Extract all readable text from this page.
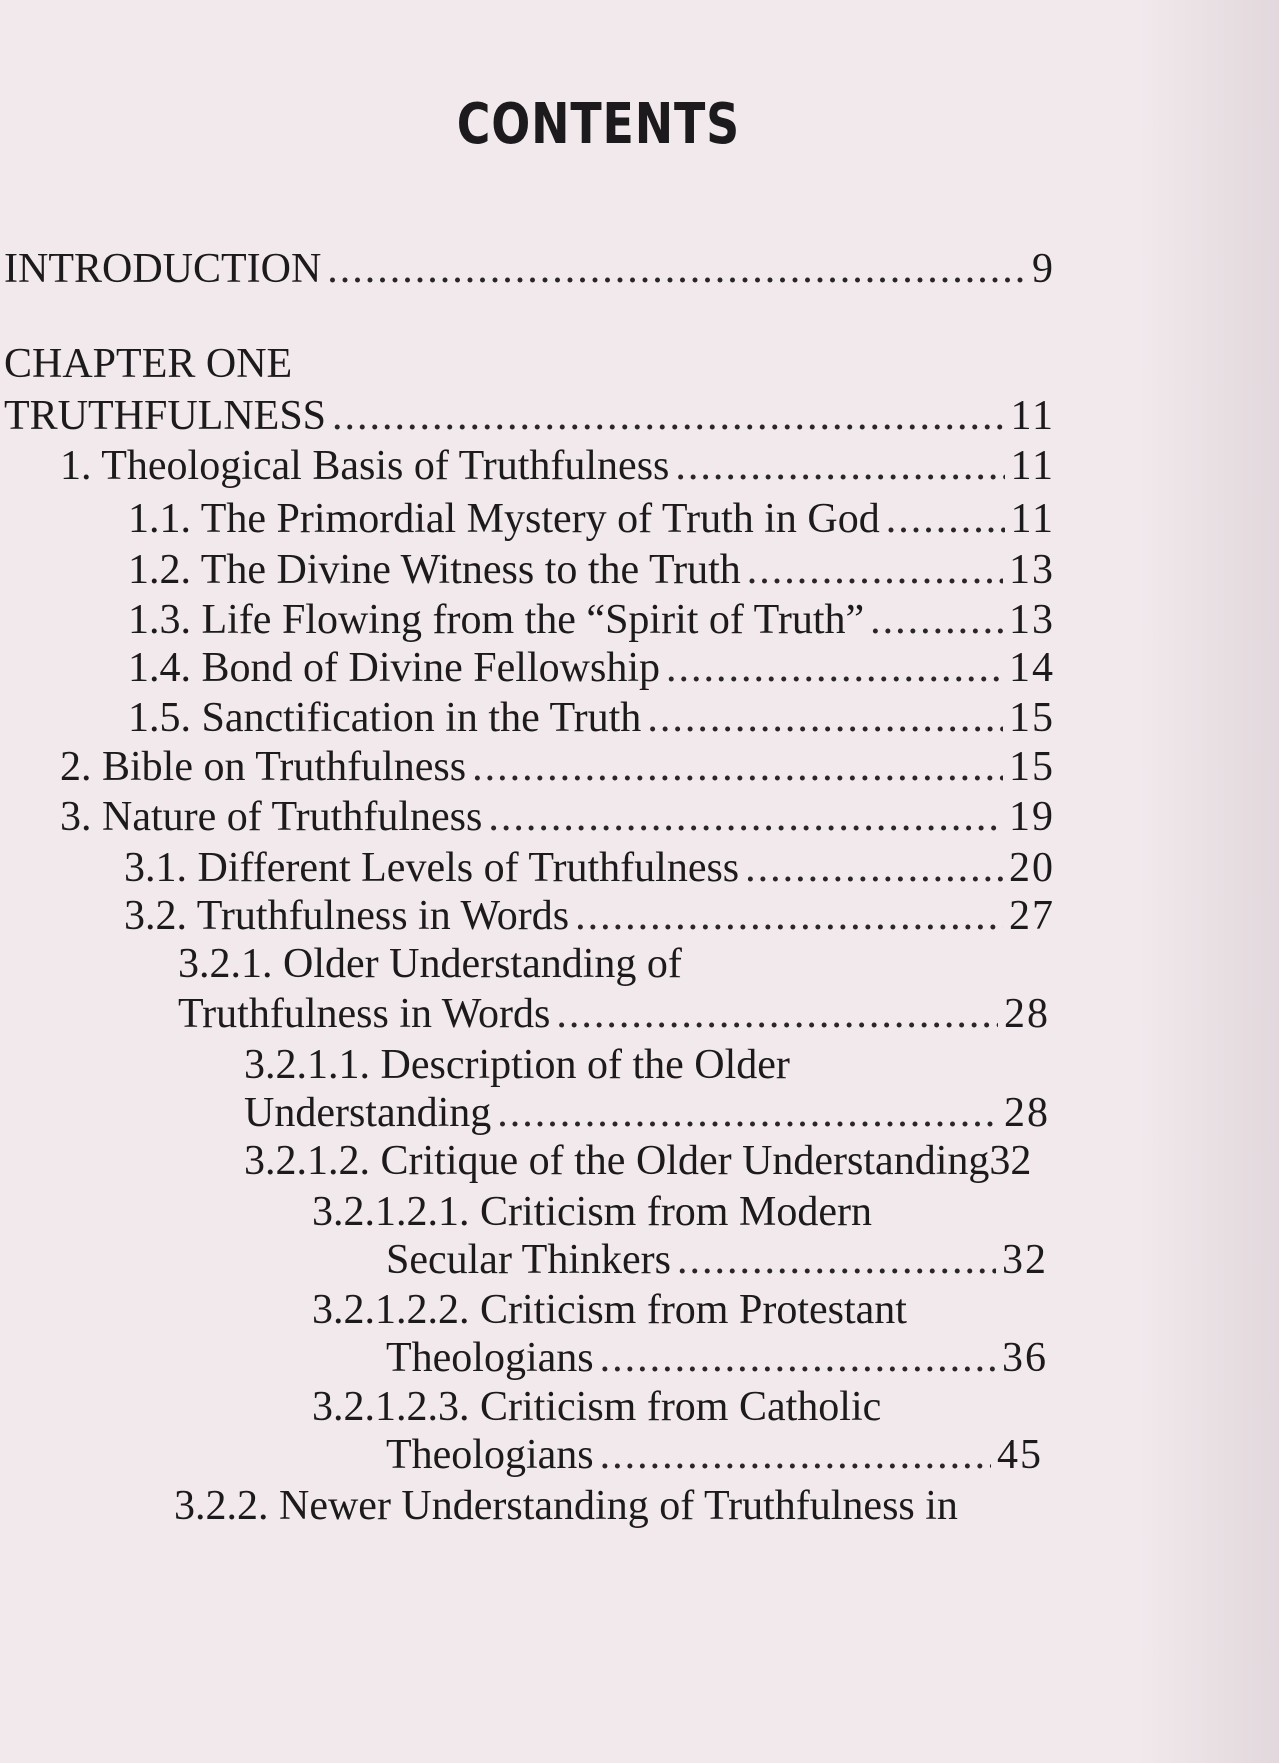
CONTENTS
INTRODUCTION .....	9
CHAPTER ONE
TRUTHFULNESS .....	11
1. Theological Basis of Truthfulness .....	11
1.1. The Primordial Mystery of Truth in God .....	11
1.2. The Divine Witness to the Truth .....	13
1.3. Life Flowing from the “Spirit of Truth” .....	13
1.4. Bond of Divine Fellowship .....	14
1.5. Sanctification in the Truth .....	15
2. Bible on Truthfulness .....	15
3. Nature of Truthfulness .....	19
3.1. Different Levels of Truthfulness .....	20
3.2. Truthfulness in Words .....	27
3.2.1. Older Understanding of
Truthfulness in Words .....	28
3.2.1.1. Description of the Older
Understanding .....	28
3.2.1.2. Critique of the Older Understanding32
3.2.1.2.1. Criticism from Modern
Secular Thinkers .....	32
3.2.1.2.2. Criticism from Protestant
Theologians .....	36
3.2.1.2.3. Criticism from Catholic
Theologians .....	45
3.2.2. Newer Understanding of Truthfulness in
